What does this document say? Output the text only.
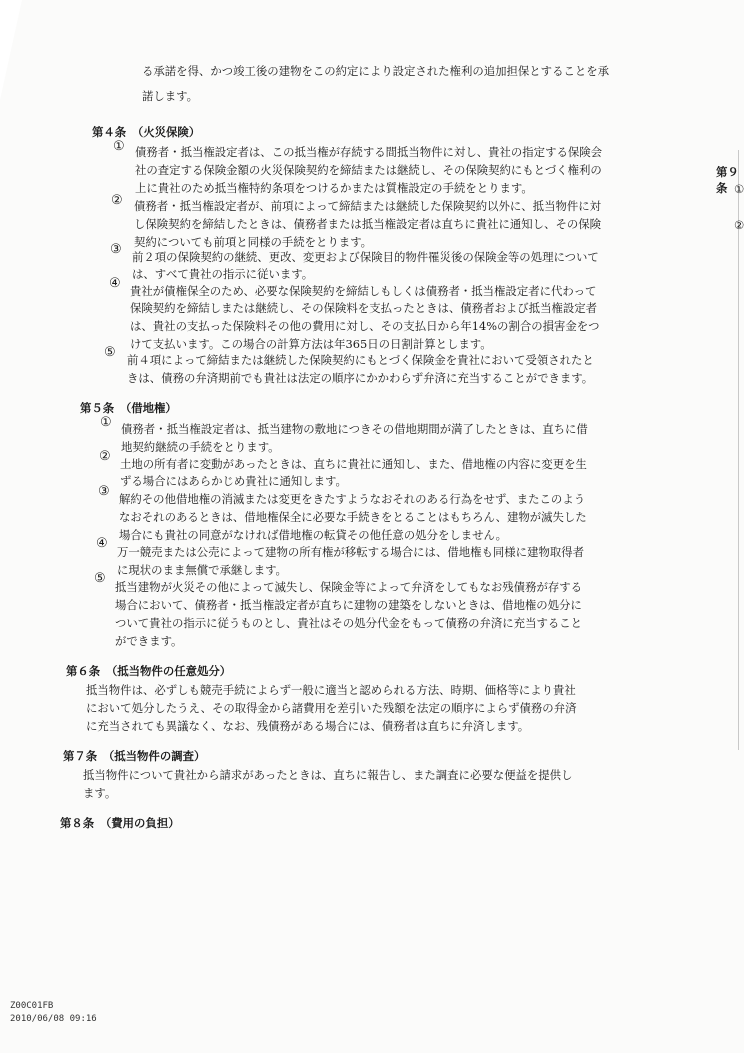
る承諾を得、かつ竣工後の建物をこの約定により設定された権利の追加担保とすることを承
諾します。
第４条　（火災保険）
① 債務者・抵当権設定者は、この抵当権が存続する間抵当物件に対し、貴社の指定する保険会
社の査定する保険金額の火災保険契約を締結または継続し、その保険契約にもとづく権利の
上に貴社のため抵当権特約条項をつけるかまたは質権設定の手続をとります。
② 債務者・抵当権設定者が、前項によって締結または継続した保険契約以外に、抵当物件に対
し保険契約を締結したときは、債務者または抵当権設定者は直ちに貴社に通知し、その保険
契約についても前項と同様の手続をとります。
③ 前２項の保険契約の継続、更改、変更および保険目的物件罹災後の保険金等の処理について
は、すべて貴社の指示に従います。
④ 貴社が債権保全のため、必要な保険契約を締結しもしくは債務者・抵当権設定者に代わって
保険契約を締結しまたは継続し、その保険料を支払ったときは、債務者および抵当権設定者
は、貴社の支払った保険料その他の費用に対し、その支払日から年14%の割合の損害金をつ
けて支払います。この場合の計算方法は年365日の日割計算とします。
⑤ 前４項によって締結または継続した保険契約にもとづく保険金を貴社において受領されたと
きは、債務の弁済期前でも貴社は法定の順序にかかわらず弁済に充当することができます。
第５条　（借地権）
① 債務者・抵当権設定者は、抵当建物の敷地につきその借地期間が満了したときは、直ちに借
地契約継続の手続をとります。
② 土地の所有者に変動があったときは、直ちに貴社に通知し、また、借地権の内容に変更を生
ずる場合にはあらかじめ貴社に通知します。
③ 解約その他借地権の消滅または変更をきたすようなおそれのある行為をせず、またこのよう
なおそれのあるときは、借地権保全に必要な手続きをとることはもちろん、建物が滅失した
場合にも貴社の同意がなければ借地権の転貸その他任意の処分をしません。
④
万一競売または公売によって建物の所有権が移転する場合には、借地権も同様に建物取得者
に現状のまま無償で承継します。
⑤
抵当建物が火災その他によって滅失し、保険金等によって弁済をしてもなお残債務が存する
場合において、債務者・抵当権設定者が直ちに建物の建築をしないときは、借地権の処分に
ついて貴社の指示に従うものとし、貴社はその処分代金をもって債務の弁済に充当すること
ができます。
第６条　（抵当物件の任意処分）
抵当物件は、必ずしも競売手続によらず一般に適当と認められる方法、時期、価格等により貴社
において処分したうえ、その取得金から諸費用を差引いた残額を法定の順序によらず債務の弁済
に充当されても異議なく、なお、残債務がある場合には、債務者は直ちに弁済します。
第７条　（抵当物件の調査）
抵当物件について貴社から請求があったときは、直ちに報告し、また調査に必要な便益を提供し
ます。
第８条　（費用の負担）
第９条 ①
②
Z00C01FB
2010/06/08 09:16
